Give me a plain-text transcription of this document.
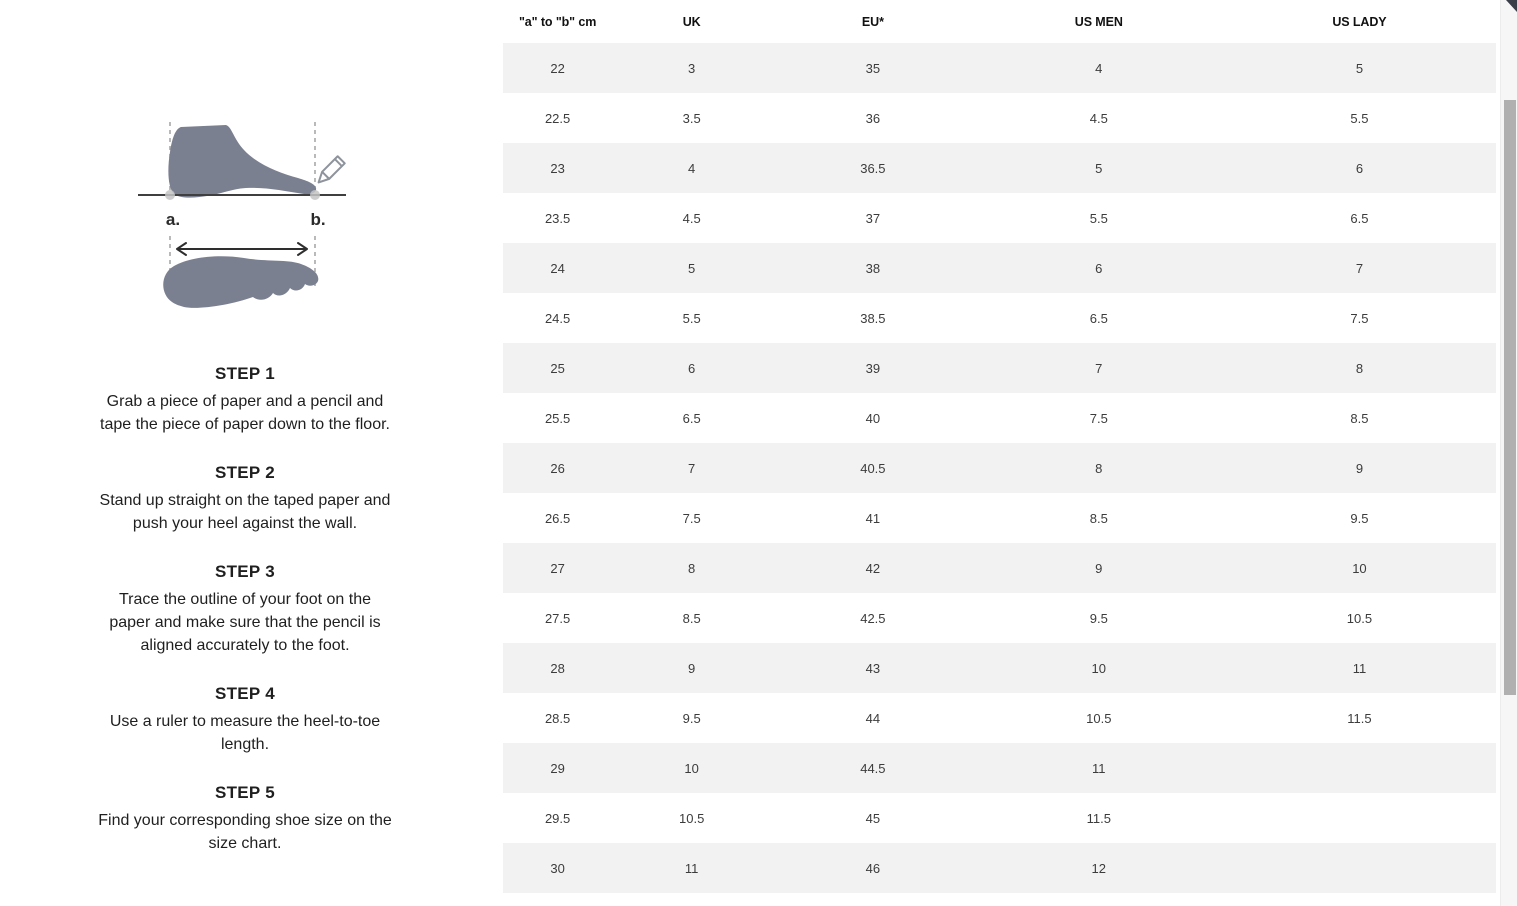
a.	b.
STEP 1

Grab a piece of paper and a pencil and tape the piece of paper down to the floor.

STEP 2

Stand up straight on the taped paper and push your heel against the wall.

STEP 3

Trace the outline of your foot on the paper and make sure that the pencil is aligned accurately to the foot.

STEP 4

Use a ruler to measure the heel-to-toe length.

STEP 5

Find your corresponding shoe size on the size chart.

"a" to "b" cm	UK	EU*	US MEN	US LADY
22	3	35	4	5
22.5	3.5	36	4.5	5.5
23	4	36.5	5	6
23.5	4.5	37	5.5	6.5
24	5	38	6	7
24.5	5.5	38.5	6.5	7.5
25	6	39	7	8
25.5	6.5	40	7.5	8.5
26	7	40.5	8	9
26.5	7.5	41	8.5	9.5
27	8	42	9	10
27.5	8.5	42.5	9.5	10.5
28	9	43	10	11
28.5	9.5	44	10.5	11.5
29	10	44.5	11
29.5	10.5	45	11.5
30	11	46	12
